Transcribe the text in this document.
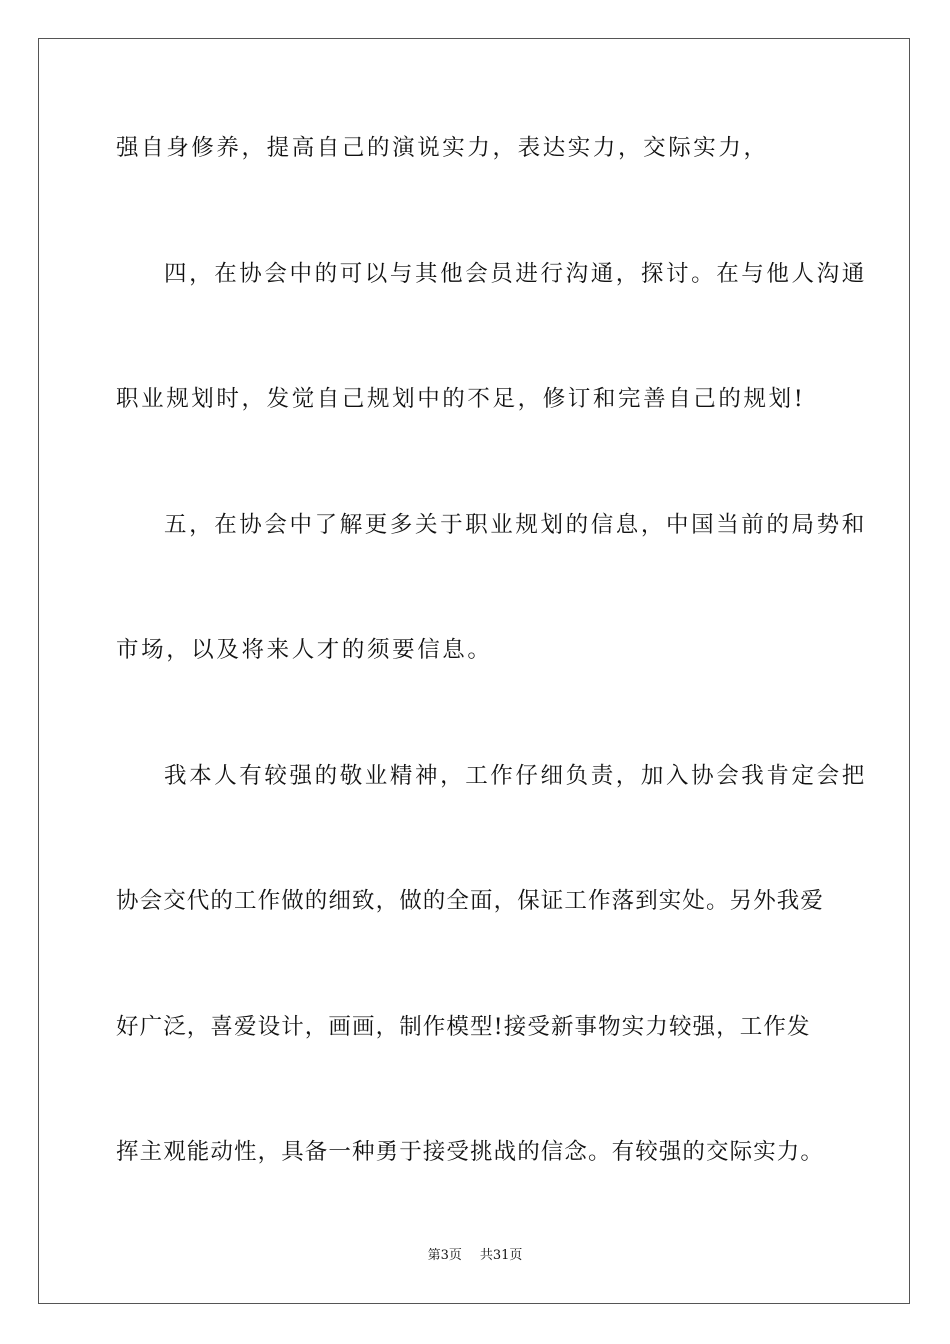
强自身修养，提高自己的演说实力，表达实力，交际实力，
四，在协会中的可以与其他会员进行沟通，探讨。在与他人沟通
职业规划时，发觉自己规划中的不足，修订和完善自己的规划!
五，在协会中了解更多关于职业规划的信息，中国当前的局势和
市场，以及将来人才的须要信息。
我本人有较强的敬业精神，工作仔细负责，加入协会我肯定会把
协会交代的工作做的细致，做的全面，保证工作落到实处。另外我爱
好广泛，喜爱设计，画画，制作模型!接受新事物实力较强，工作发
挥主观能动性，具备一种勇于接受挑战的信念。有较强的交际实力。
第3页 共31页
